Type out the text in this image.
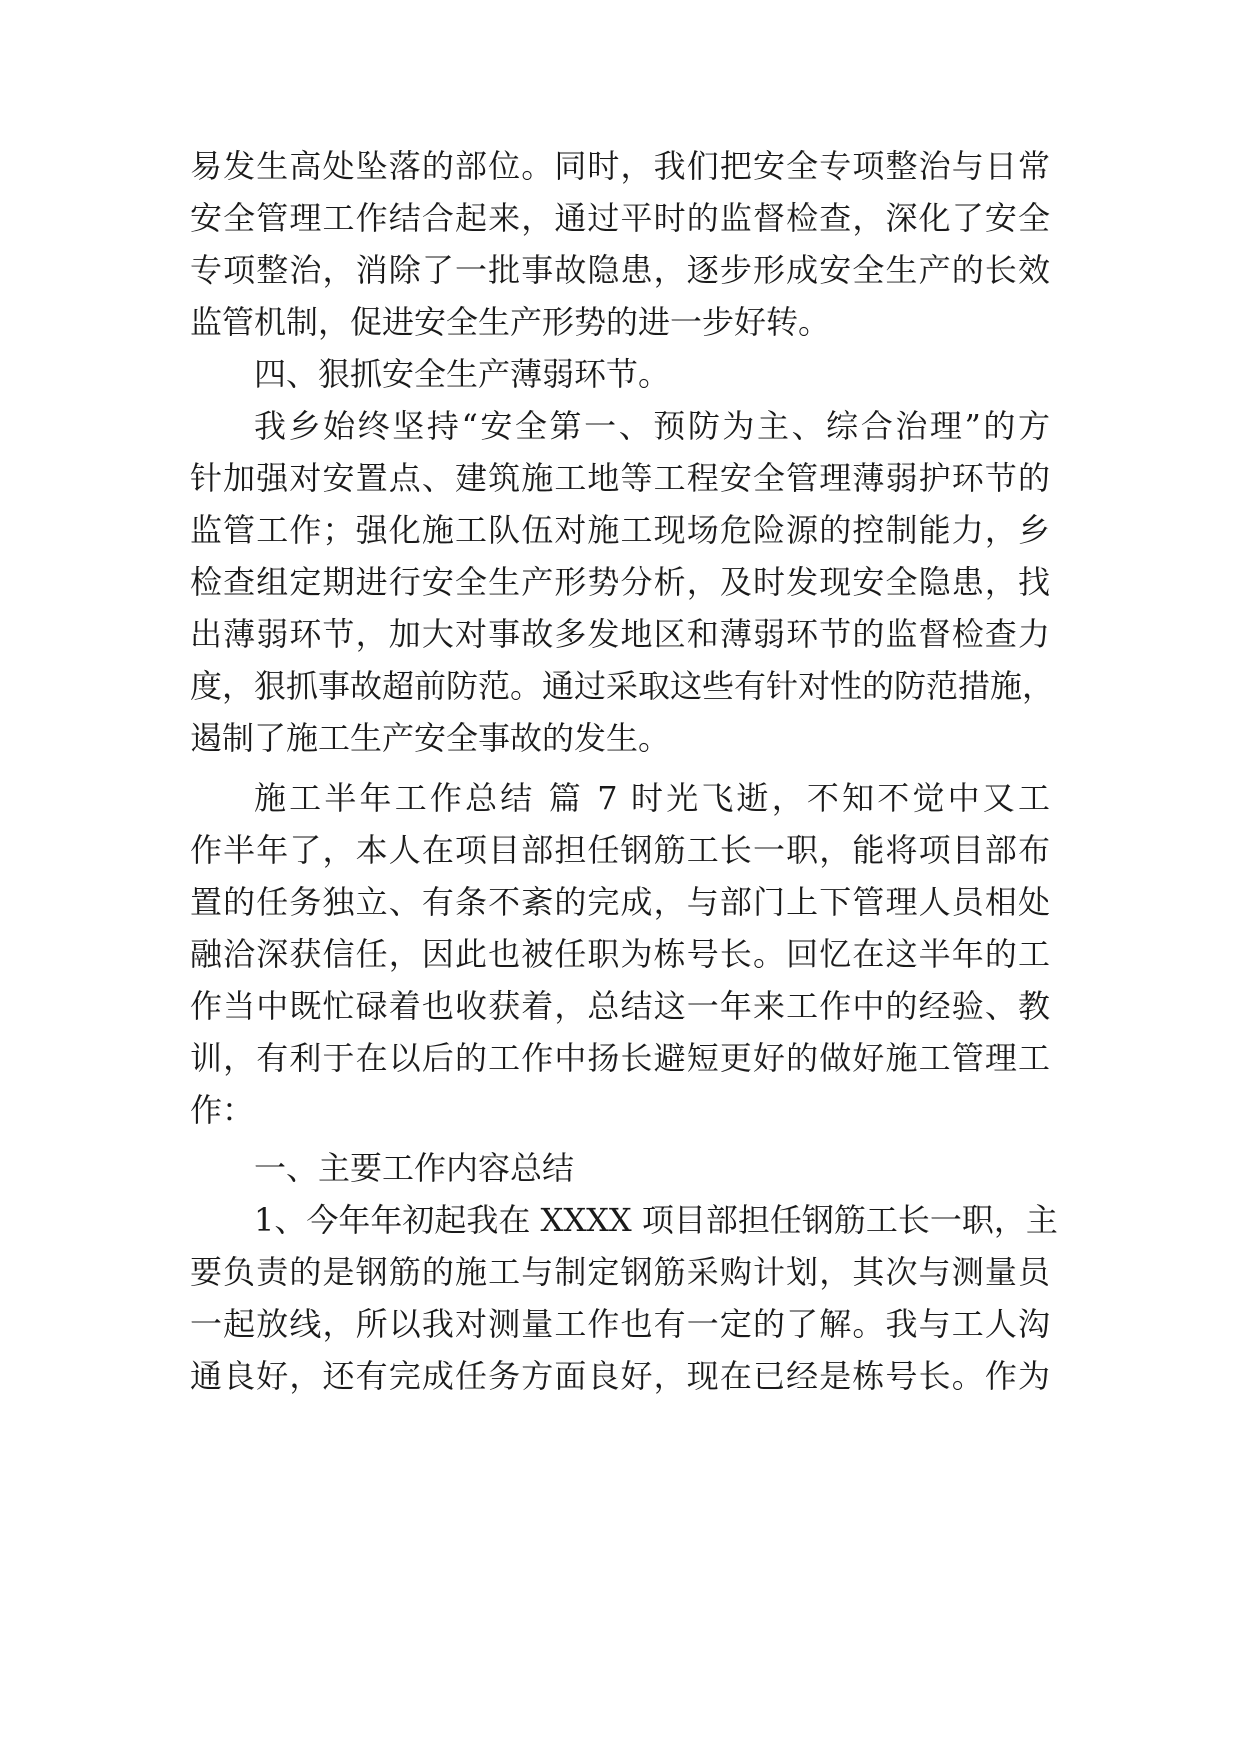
易发生高处坠落的部位。同时，我们把安全专项整治与日常
安全管理工作结合起来，通过平时的监督检查，深化了安全
专项整治，消除了一批事故隐患，逐步形成安全生产的长效
监管机制，促进安全生产形势的进一步好转。
四、狠抓安全生产薄弱环节。
我乡始终坚持“安全第一、预防为主、综合治理”的方
针加强对安置点、建筑施工地等工程安全管理薄弱护环节的
监管工作；强化施工队伍对施工现场危险源的控制能力，乡
检查组定期进行安全生产形势分析，及时发现安全隐患，找
出薄弱环节，加大对事故多发地区和薄弱环节的监督检查力
度，狠抓事故超前防范。通过采取这些有针对性的防范措施，
遏制了施工生产安全事故的发生。
施工半年工作总结 篇 7 时光飞逝，不知不觉中又工
作半年了，本人在项目部担任钢筋工长一职，能将项目部布
置的任务独立、有条不紊的完成，与部门上下管理人员相处
融洽深获信任，因此也被任职为栋号长。回忆在这半年的工
作当中既忙碌着也收获着，总结这一年来工作中的经验、教
训，有利于在以后的工作中扬长避短更好的做好施工管理工
作：
一、主要工作内容总结
1、今年年初起我在 XXXX 项目部担任钢筋工长一职，主
要负责的是钢筋的施工与制定钢筋采购计划，其次与测量员
一起放线，所以我对测量工作也有一定的了解。我与工人沟
通良好，还有完成任务方面良好，现在已经是栋号长。作为
